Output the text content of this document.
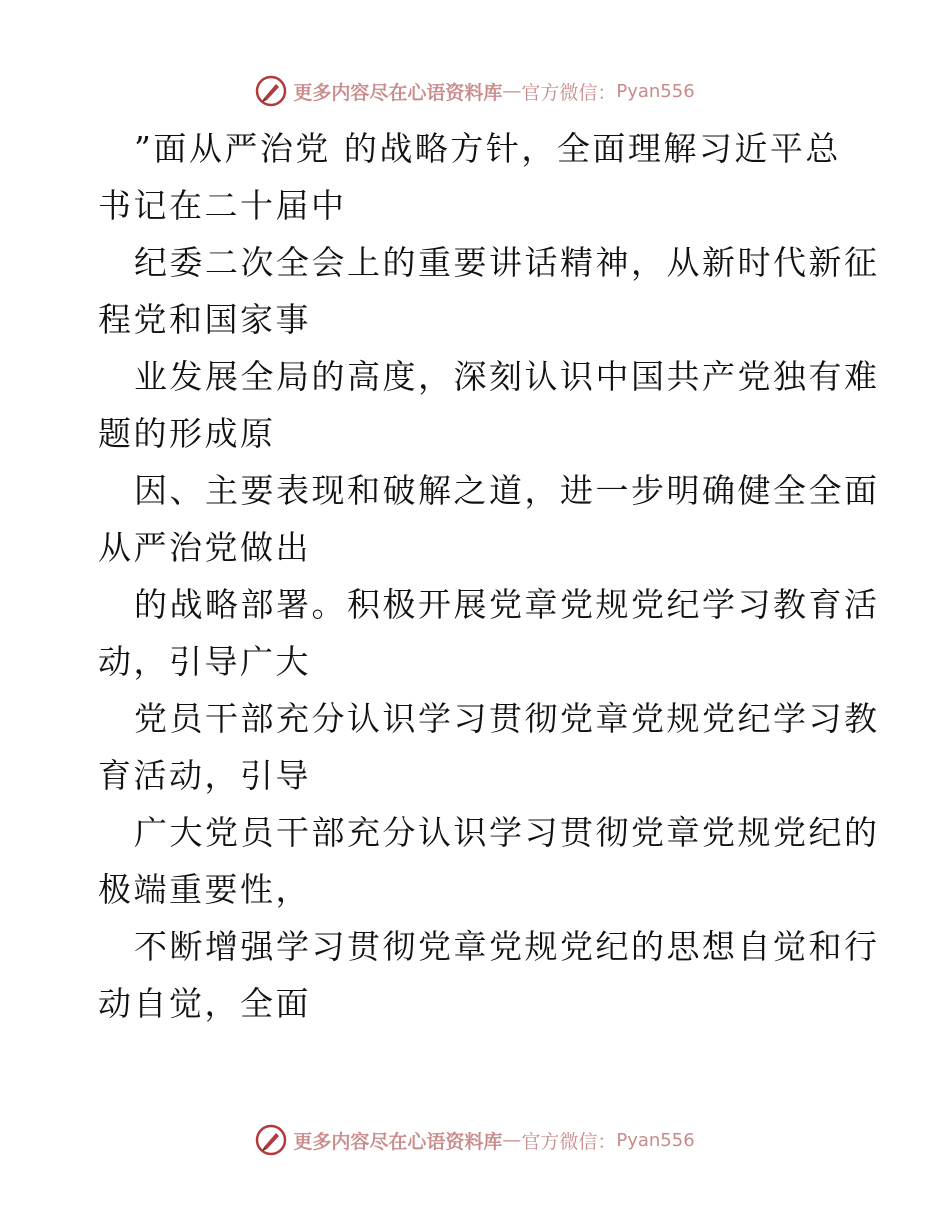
更多内容尽在心语资料库 — 官方微信： Pyan556
”面从严治党 的战略方针，全面理解习近平总
书记在二十届中
纪委二次全会上的重要讲话精神，从新时代新征
程党和国家事
业发展全局的高度，深刻认识中国共产党独有难
题的形成原
因、主要表现和破解之道，进一步明确健全全面
从严治党做出
的战略部署。积极开展党章党规党纪学习教育活
动，引导广大
党员干部充分认识学习贯彻党章党规党纪学习教
育活动，引导
广大党员干部充分认识学习贯彻党章党规党纪的
极端重要性，
不断增强学习贯彻党章党规党纪的思想自觉和行
动自觉，全面
更多内容尽在心语资料库 — 官方微信： Pyan556
